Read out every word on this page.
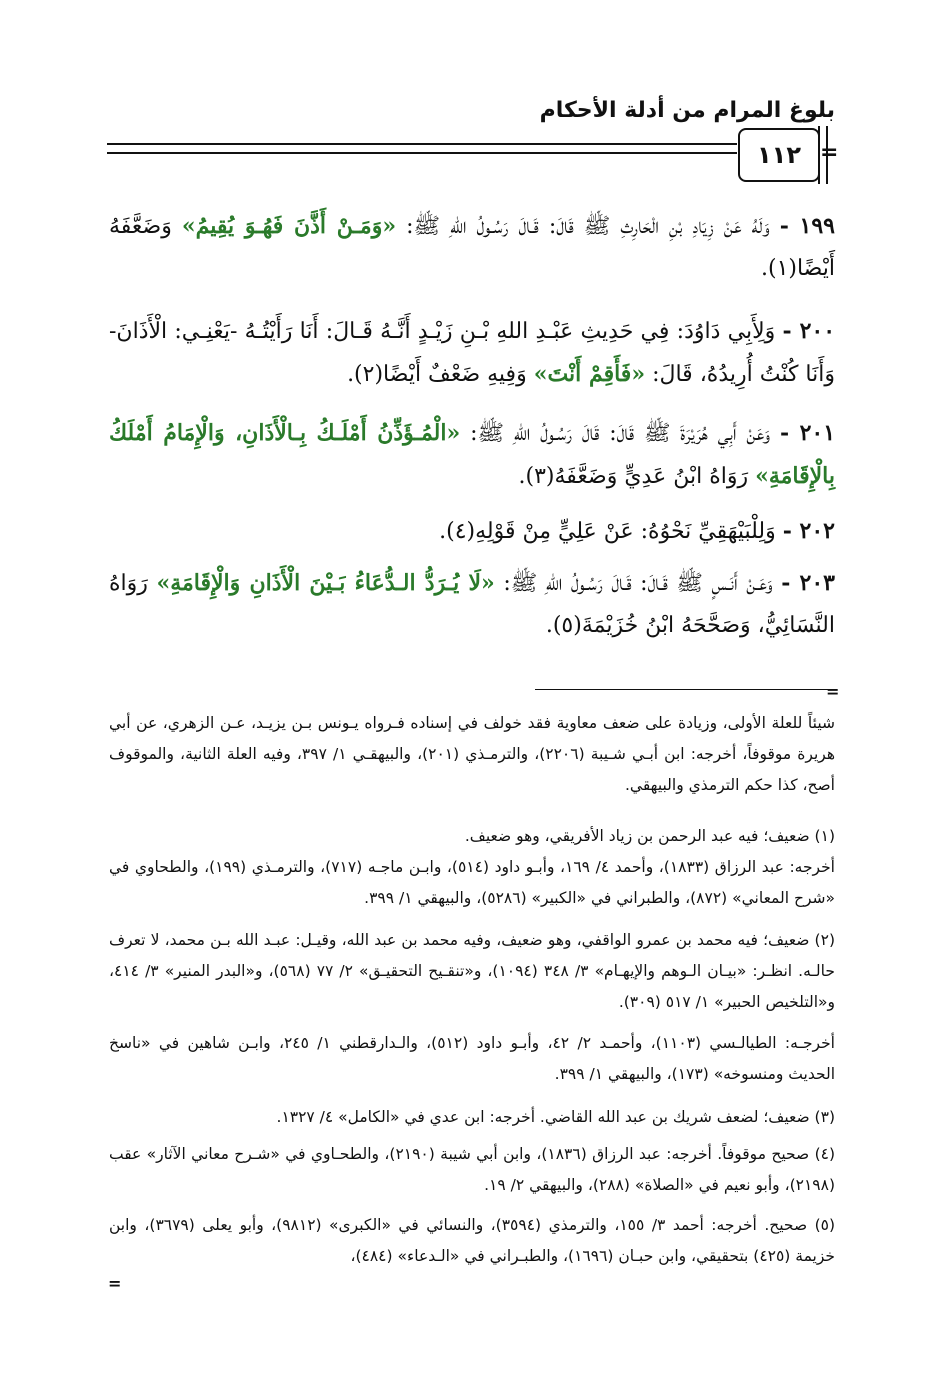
بلوغ المرام من أدلة الأحكام
١١٢ =
١٩٩ - وَلَهُ عَنْ زِيَادِ بْنِ الْحَارِثِ ﷺ قَالَ: قَـالَ رَسُـولُ اللهِ ﷺ: «وَمَـنْ أَذَّنَ فَهُـوَ يُقِيمُ» وَضَعَّفَهُ أَيْضًا(١).
٢٠٠ - وَلِأَبِي دَاوُدَ: فِي حَدِيثِ عَبْـدِ اللهِ بْـنِ زَيْـدٍ أَنَّـهُ قَـالَ: أَنَا رَأَيْتُـهُ -يَعْنِـي: الْأَذَانَ- وَأَنَا كُنْتُ أُرِيدُهُ، قَالَ: «فَأَقِمْ أَنْتَ» وَفِيهِ ضَعْفٌ أَيْضًا(٢).
٢٠١ - وَعَنْ أَبِي هُرَيْرَةَ ﷺ قَالَ: قَالَ رَسُـولُ اللهِ ﷺ: «الْمُـؤَذِّنُ أَمْلَـكُ بِـالْأَذَانِ، وَالْإِمَامُ أَمْلَكُ بِالْإِقَامَةِ» رَوَاهُ ابْنُ عَدِيٍّ وَضَعَّفَهُ(٣).
٢٠٢ - وَلِلْبَيْهَقِيِّ نَحْوُهُ: عَنْ عَلِيٍّ مِنْ قَوْلِهِ(٤).
٢٠٣ - وَعَـنْ أَنَـسٍ ﷺ قَـالَ: قَـالَ رَسُـولُ اللهِ ﷺ: «لَا يُـرَدُّ الـدُّعَاءُ بَـيْنَ الْأَذَانِ وَالْإِقَامَةِ» رَوَاهُ النَّسَائِيُّ، وَصَحَّحَهُ ابْنُ خُزَيْمَةَ(٥).
=
شيئاً للعلة الأولى، وزيادة على ضعف معاوية فقد خولف في إسناده فـرواه يـونس بـن يزيـد، عـن الزهري، عن أبي هريرة موقوفاً، أخرجه: ابن أبـي شـيبة (٢٢٠٦)، والترمـذي (٢٠١)، والبيهقـي ١/ ٣٩٧، وفيه العلة الثانية، والموقوف أصح، كذا حكم الترمذي والبيهقي.
(١) ضعيف؛ فيه عبد الرحمن بن زياد الأفريقي، وهو ضعيف.
أخرجه: عبد الرزاق (١٨٣٣)، وأحمد ٤/ ١٦٩، وأبـو داود (٥١٤)، وابـن ماجـه (٧١٧)، والترمـذي (١٩٩)، والطحاوي في «شرح المعاني» (٨٧٢)، والطبراني في «الكبير» (٥٢٨٦)، والبيهقي ١/ ٣٩٩.
(٢) ضعيف؛ فيه محمد بن عمرو الواقفي، وهو ضعيف، وفيه محمد بن عبد الله، وقيـل: عبـد الله بـن محمد، لا تعرف حالـه. انظـر: «بيـان الـوهم والإيهـام» ٣/ ٣٤٨ (١٠٩٤)، و«تنقـيح التحقيـق» ٢/ ٧٧ (٥٦٨)، و«البدر المنير» ٣/ ٤١٤، و«التلخيص الحبير» ١/ ٥١٧ (٣٠٩).
أخرجـه: الطيالـسي (١١٠٣)، وأحمـد ٢/ ٤٢، وأبـو داود (٥١٢)، والـدارقطني ١/ ٢٤٥، وابـن شاهين في «ناسخ الحديث ومنسوخه» (١٧٣)، والبيهقي ١/ ٣٩٩.
(٣) ضعيف؛ لضعف شريك بن عبد الله القاضي. أخرجه: ابن عدي في «الكامل» ٤/ ١٣٢٧.
(٤) صحيح موقوفاً. أخرجه: عبد الرزاق (١٨٣٦)، وابن أبي شيبة (٢١٩٠)، والطحـاوي في «شـرح معاني الآثار» عقب (٢١٩٨)، وأبو نعيم في «الصلاة» (٢٨٨)، والبيهقي ٢/ ١٩.
(٥) صحيح. أخرجه: أحمد ٣/ ١٥٥، والترمذي (٣٥٩٤)، والنسائي في «الكبرى» (٩٨١٢)، وأبو يعلى (٣٦٧٩)، وابن خزيمة (٤٢٥) بتحقيقي، وابن حبـان (١٦٩٦)، والطبـراني في «الـدعاء» (٤٨٤)،
=
